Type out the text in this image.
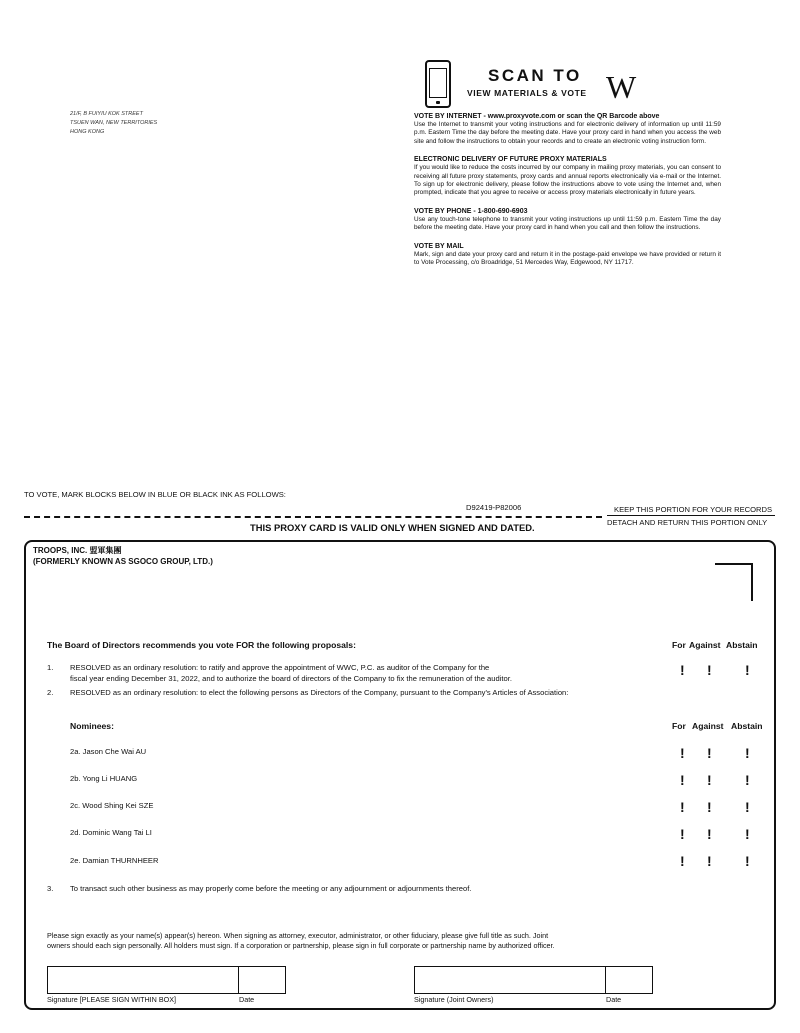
21/F, B FUIYIU KOK STREET
TSUEN WAN, NEW TERRITORIES
HONG KONG
SCAN TO
VIEW MATERIALS & VOTE W
VOTE BY INTERNET - www.proxyvote.com or scan the QR Barcode above
Use the Internet to transmit your voting instructions and for electronic delivery of information up until 11:59 p.m. Eastern Time the day before the meeting date. Have your proxy card in hand when you access the web site and follow the instructions to obtain your records and to create an electronic voting instruction form.
ELECTRONIC DELIVERY OF FUTURE PROXY MATERIALS
If you would like to reduce the costs incurred by our company in mailing proxy materials, you can consent to receiving all future proxy statements, proxy cards and annual reports electronically via e-mail or the Internet. To sign up for electronic delivery, please follow the instructions above to vote using the Internet and, when prompted, indicate that you agree to receive or access proxy materials electronically in future years.
VOTE BY PHONE - 1-800-690-6903
Use any touch-tone telephone to transmit your voting instructions up until 11:59 p.m. Eastern Time the day before the meeting date. Have your proxy card in hand when you call and then follow the instructions.
VOTE BY MAIL
Mark, sign and date your proxy card and return it in the postage-paid envelope we have provided or return it to Vote Processing, c/o Broadridge, 51 Mercedes Way, Edgewood, NY 11717.
TO VOTE, MARK BLOCKS BELOW IN BLUE OR BLACK INK AS FOLLOWS:
D92419-P82006	KEEP THIS PORTION FOR YOUR RECORDS
DETACH AND RETURN THIS PORTION ONLY
THIS PROXY CARD IS VALID ONLY WHEN SIGNED AND DATED.
TROOPS, INC. 盟軍集團
(FORMERLY KNOWN AS SGOCO GROUP, LTD.)
The Board of Directors recommends you vote FOR the following proposals:	For Against Abstain
1. RESOLVED as an ordinary resolution: to ratify and approve the appointment of WWC, P.C. as auditor of the Company for the
fiscal year ending December 31, 2022, and to authorize the board of directors of the Company to fix the remuneration of the auditor.
! ! !
2. RESOLVED as an ordinary resolution: to elect the following persons as Directors of the Company, pursuant to the Company's Articles of Association:
Nominees:	For Against Abstain
2a. Jason Che Wai AU	! ! !
2b. Yong Li HUANG	! ! !
2c. Wood Shing Kei SZE	! ! !
2d. Dominic Wang Tai LI	! ! !
2e. Damian THURNHEER	! ! !
3. To transact such other business as may properly come before the meeting or any adjournment or adjournments thereof.
Please sign exactly as your name(s) appear(s) hereon. When signing as attorney, executor, administrator, or other fiduciary, please give full title as such. Joint
owners should each sign personally. All holders must sign. If a corporation or partnership, please sign in full corporate or partnership name by authorized officer.
Signature [PLEASE SIGN WITHIN BOX]	Date	Signature (Joint Owners)	Date
